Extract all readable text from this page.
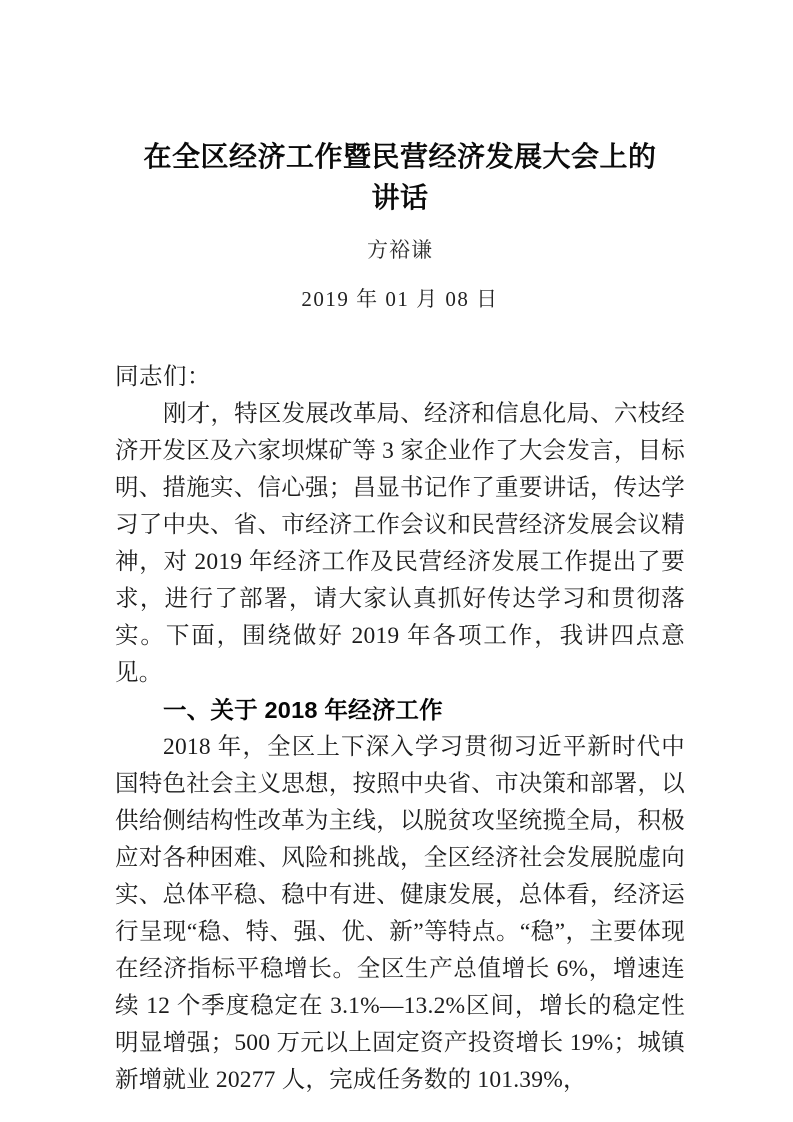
在全区经济工作暨民营经济发展大会上的
讲话

方裕谦

2019 年 01 月 08 日

同志们：

刚才，特区发展改革局、经济和信息化局、六枝经济开发区及六家坝煤矿等 3 家企业作了大会发言，目标明、措施实、信心强；昌显书记作了重要讲话，传达学习了中央、省、市经济工作会议和民营经济发展会议精神，对 2019 年经济工作及民营经济发展工作提出了要求，进行了部署，请大家认真抓好传达学习和贯彻落实。下面，围绕做好 2019 年各项工作，我讲四点意见。

一、关于 2018 年经济工作

2018 年，全区上下深入学习贯彻习近平新时代中国特色社会主义思想，按照中央省、市决策和部署，以供给侧结构性改革为主线，以脱贫攻坚统揽全局，积极应对各种困难、风险和挑战，全区经济社会发展脱虚向实、总体平稳、稳中有进、健康发展，总体看，经济运行呈现“稳、特、强、优、新”等特点。“稳”，主要体现在经济指标平稳增长。全区生产总值增长 6%，增速连续 12 个季度稳定在 3.1%—13.2%区间，增长的稳定性明显增强；500 万元以上固定资产投资增长 19%；城镇新增就业 20277 人，完成任务数的 101.39%，
